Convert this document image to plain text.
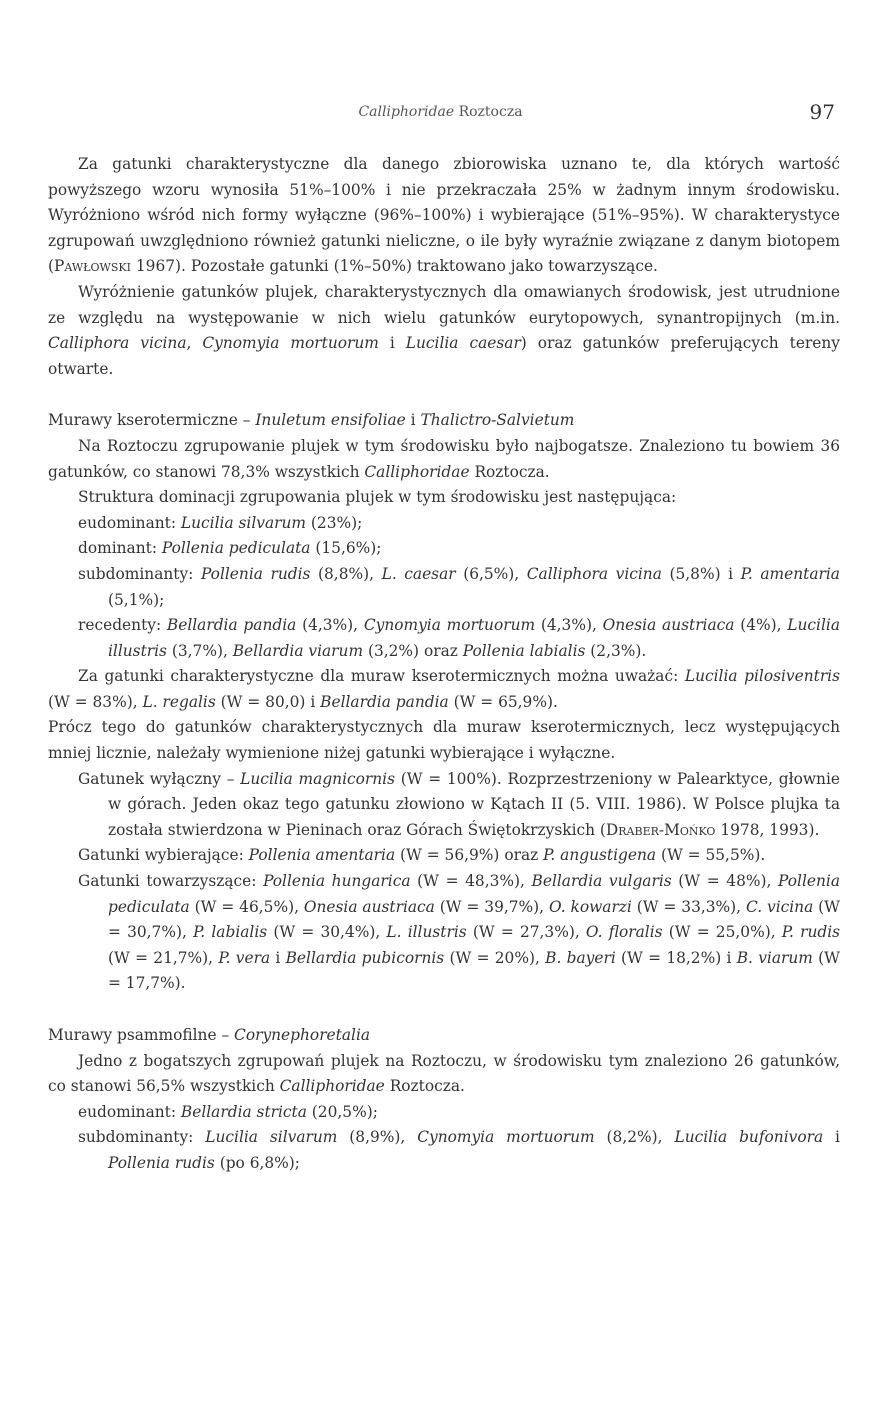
Calliphoridae Roztocza	97

Za gatunki charakterystyczne dla danego zbiorowiska uznano te, dla których wartość powyższego wzoru wynosiła 51%–100% i nie przekraczała 25% w żadnym innym środowisku. Wyróżniono wśród nich formy wyłączne (96%–100%) i wybierające (51%–95%). W charakterystyce zgrupowań uwzględniono również gatunki nieliczne, o ile były wyraźnie związane z danym biotopem (Pawłowski 1967). Pozostałe gatunki (1%–50%) traktowano jako towarzyszące.

Wyróżnienie gatunków plujek, charakterystycznych dla omawianych środowisk, jest utrudnione ze względu na występowanie w nich wielu gatunków eurytopowych, synantropijnych (m.in. Calliphora vicina, Cynomyia mortuorum i Lucilia caesar) oraz gatunków preferujących tereny otwarte.

Murawy kserotermiczne – Inuletum ensifoliae i Thalictro-Salvietum

Na Roztoczu zgrupowanie plujek w tym środowisku było najbogatsze. Znaleziono tu bowiem 36 gatunków, co stanowi 78,3% wszystkich Calliphoridae Roztocza.

Struktura dominacji zgrupowania plujek w tym środowisku jest następująca:

eudominant: Lucilia silvarum (23%);

dominant: Pollenia pediculata (15,6%);

subdominanty: Pollenia rudis (8,8%), L. caesar (6,5%), Calliphora vicina (5,8%) i P. amentaria (5,1%);

recedenty: Bellardia pandia (4,3%), Cynomyia mortuorum (4,3%), Onesia austriaca (4%), Lucilia illustris (3,7%), Bellardia viarum (3,2%) oraz Pollenia labialis (2,3%).

Za gatunki charakterystyczne dla muraw kserotermicznych można uważać: Lucilia pilosiventris (W = 83%), L. regalis (W = 80,0) i Bellardia pandia (W = 65,9%).

Prócz tego do gatunków charakterystycznych dla muraw kserotermicznych, lecz występujących mniej licznie, należały wymienione niżej gatunki wybierające i wyłączne.

Gatunek wyłączny – Lucilia magnicornis (W = 100%). Rozprzestrzeniony w Palearktyce, głownie w górach. Jeden okaz tego gatunku złowiono w Kątach II (5. VIII. 1986). W Polsce plujka ta została stwierdzona w Pieninach oraz Górach Świętokrzyskich (Draber-Mońko 1978, 1993).

Gatunki wybierające: Pollenia amentaria (W = 56,9%) oraz P. angustigena (W = 55,5%).

Gatunki towarzyszące: Pollenia hungarica (W = 48,3%), Bellardia vulgaris (W = 48%), Pollenia pediculata (W = 46,5%), Onesia austriaca (W = 39,7%), O. kowarzi (W = 33,3%), C. vicina (W = 30,7%), P. labialis (W = 30,4%), L. illustris (W = 27,3%), O. floralis (W = 25,0%), P. rudis (W = 21,7%), P. vera i Bellardia pubicornis (W = 20%), B. bayeri (W = 18,2%) i B. viarum (W = 17,7%).

Murawy psammofilne – Corynephoretalia

Jedno z bogatszych zgrupowań plujek na Roztoczu, w środowisku tym znaleziono 26 gatunków, co stanowi 56,5% wszystkich Calliphoridae Roztocza.

eudominant: Bellardia stricta (20,5%);

subdominanty: Lucilia silvarum (8,9%), Cynomyia mortuorum (8,2%), Lucilia bufonivora i Pollenia rudis (po 6,8%);
